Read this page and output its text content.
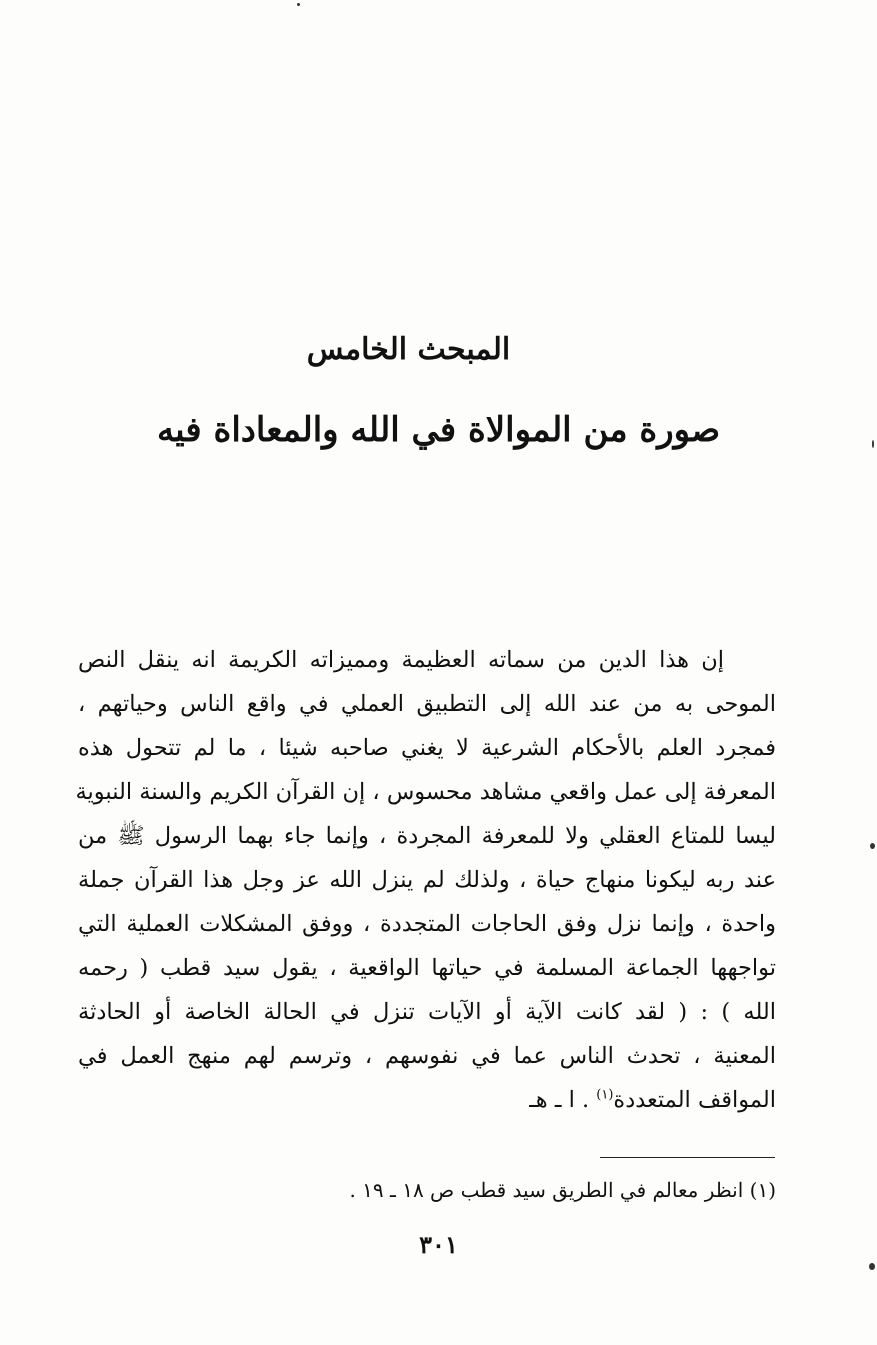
المبحث الخامس
صورة من الموالاة في الله والمعاداة فيه
إن هذا الدين من سماته العظيمة ومميزاته الكريمة انه ينقل النص
الموحى به من عند الله إلى التطبيق العملي في واقع الناس وحياتهم ،
فمجرد العلم بالأحكام الشرعية لا يغني صاحبه شيئا ، ما لم تتحول هذه
المعرفة إلى عمل واقعي مشاهد محسوس ، إن القرآن الكريم والسنة النبوية
ليسا للمتاع العقلي ولا للمعرفة المجردة ، وإنما جاء بهما الرسول ﷺ من
عند ربه ليكونا منهاج حياة ، ولذلك لم ينزل الله عز وجل هذا القرآن جملة
واحدة ، وإنما نزل وفق الحاجات المتجددة ، ووفق المشكلات العملية التي
تواجهها الجماعة المسلمة في حياتها الواقعية ، يقول سيد قطب ( رحمه
الله ) : ( لقد كانت الآية أو الآيات تنزل في الحالة الخاصة أو الحادثة
المعنية ، تحدث الناس عما في نفوسهم ، وترسم لهم منهج العمل في
المواقف المتعددة$^{(١)}$ . ا ـ هـ
(١) انظر معالم في الطريق سيد قطب ص ١٨ ـ ١٩ .
٣٠١
